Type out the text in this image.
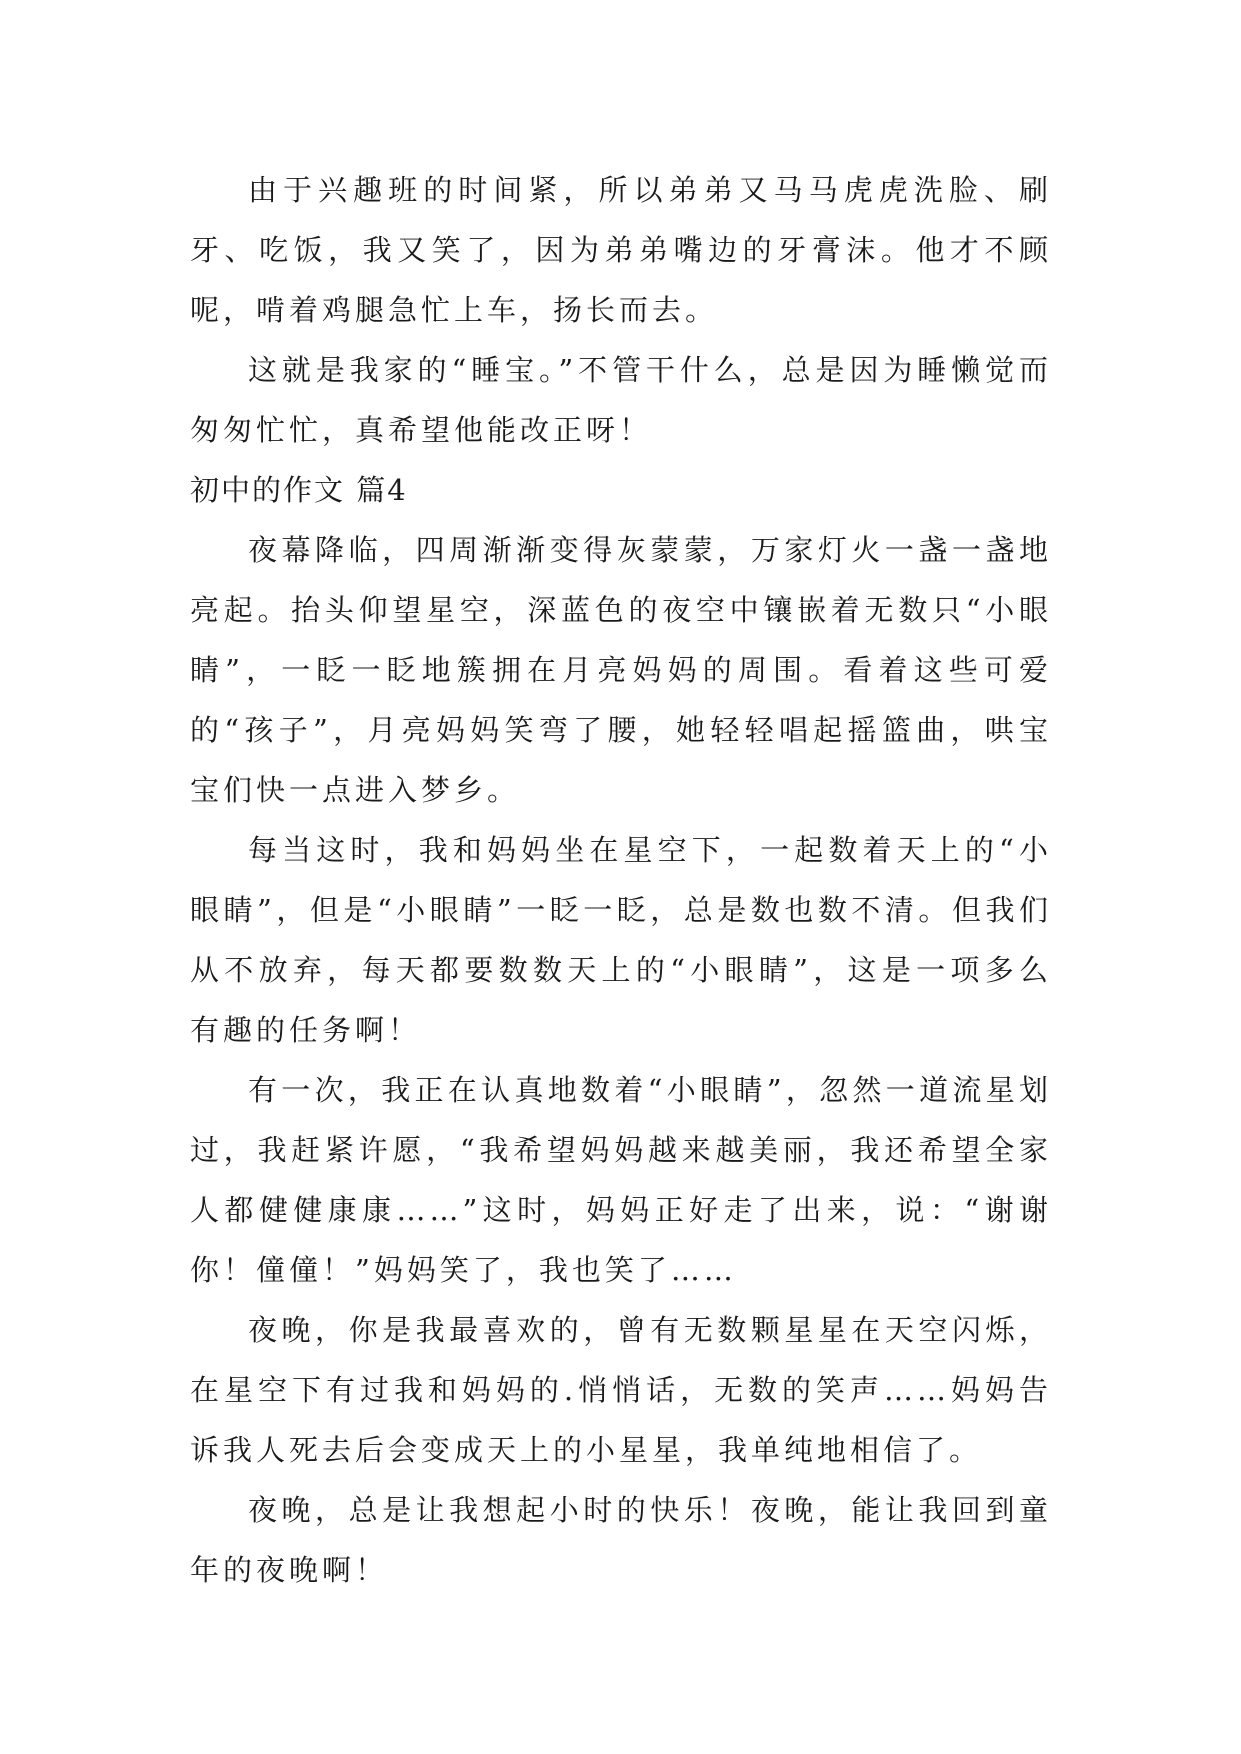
由于兴趣班的时间紧，所以弟弟又马马虎虎洗脸、刷牙、吃饭，我又笑了，因为弟弟嘴边的牙膏沫。他才不顾呢，啃着鸡腿急忙上车，扬长而去。

这就是我家的“睡宝。”不管干什么，总是因为睡懒觉而匆匆忙忙，真希望他能改正呀！

初中的作文 篇4

夜幕降临，四周渐渐变得灰蒙蒙，万家灯火一盏一盏地亮起。抬头仰望星空，深蓝色的夜空中镶嵌着无数只“小眼睛”，一眨一眨地簇拥在月亮妈妈的周围。看着这些可爱的“孩子”，月亮妈妈笑弯了腰，她轻轻唱起摇篮曲，哄宝宝们快一点进入梦乡。

每当这时，我和妈妈坐在星空下，一起数着天上的“小眼睛”，但是“小眼睛”一眨一眨，总是数也数不清。但我们从不放弃，每天都要数数天上的“小眼睛”，这是一项多么有趣的任务啊！

有一次，我正在认真地数着“小眼睛”，忽然一道流星划过，我赶紧许愿，“我希望妈妈越来越美丽，我还希望全家人都健健康康……”这时，妈妈正好走了出来，说：“谢谢你！僮僮！”妈妈笑了，我也笑了……

夜晚，你是我最喜欢的，曾有无数颗星星在天空闪烁，在星空下有过我和妈妈的.悄悄话，无数的笑声……妈妈告诉我人死去后会变成天上的小星星，我单纯地相信了。

夜晚，总是让我想起小时的快乐！夜晚，能让我回到童年的夜晚啊！
